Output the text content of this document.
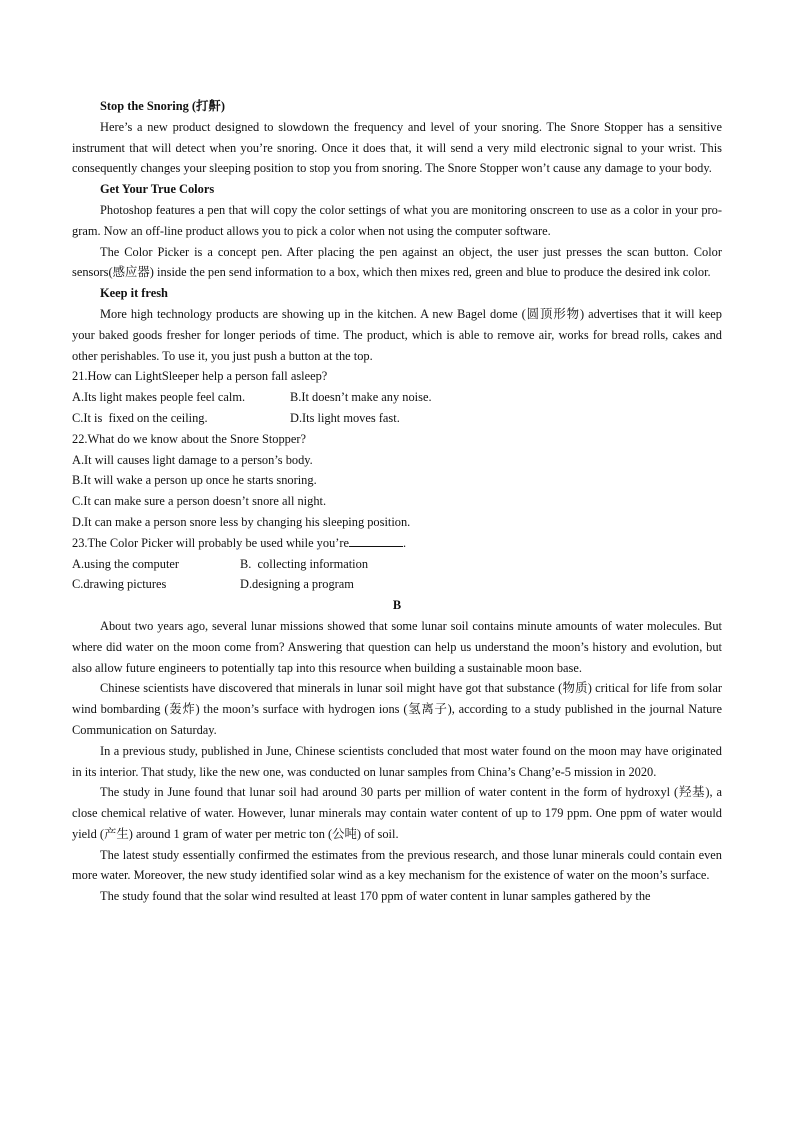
Stop the Snoring (打鼾)

Here’s a new product designed to slowdown the frequency and level of your snoring. The Snore Stopper has a sensitive instrument that will detect when you’re snoring. Once it does that, it will send a very mild electronic signal to your wrist. This consequently changes your sleeping position to stop you from snoring. The Snore Stopper won’t cause any damage to your body.

Get Your True Colors

Photoshop features a pen that will copy the color settings of what you are monitoring onscreen to use as a color in your pro-gram. Now an off-line product allows you to pick a color when not using the computer software.

The Color Picker is a concept pen. After placing the pen against an object, the user just presses the scan button. Color sensors(感应器) inside the pen send information to a box, which then mixes red, green and blue to produce the desired ink color.

Keep it fresh

More high technology products are showing up in the kitchen. A new Bagel dome (圆顶形物) advertises that it will keep your baked goods fresher for longer periods of time. The product, which is able to remove air, works for bread rolls, cakes and other perishables. To use it, you just push a button at the top.

21.How can LightSleeper help a person fall asleep?

A.Its light makes people feel calm.	B.It doesn’t make any noise.

C.It is  fixed on the ceiling.	D.Its light moves fast.

22.What do we know about the Snore Stopper?

A.It will causes light damage to a person’s body.

B.It will wake a person up once he starts snoring.

C.It can make sure a person doesn’t snore all night.

D.It can make a person snore less by changing his sleeping position.

23.The Color Picker will probably be used while you’re	.

A.using the computer	B.  collecting information

C.drawing pictures	D.designing a program

B

About two years ago, several lunar missions showed that some lunar soil contains minute amounts of water molecules. But where did water on the moon come from? Answering that question can help us understand the moon’s history and evolution, but also allow future engineers to potentially tap into this resource when building a sustainable moon base.

Chinese scientists have discovered that minerals in lunar soil might have got that substance (物质) critical for life from solar wind bombarding (轰炸) the moon’s surface with hydrogen ions (氢离子), according to a study published in the journal Nature Communication on Saturday.

In a previous study, published in June, Chinese scientists concluded that most water found on the moon may have originated in its interior. That study, like the new one, was conducted on lunar samples from China’s Chang’e-5 mission in 2020.

The study in June found that lunar soil had around 30 parts per million of water content in the form of hydroxyl (羟基), a close chemical relative of water. However, lunar minerals may contain water content of up to 179 ppm. One ppm of water would yield (产生) around 1 gram of water per metric ton (公吨) of soil.

The latest study essentially confirmed the estimates from the previous research, and those lunar minerals could contain even more water. Moreover, the new study identified solar wind as a key mechanism for the existence of water on the moon’s surface.

The study found that the solar wind resulted at least 170 ppm of water content in lunar samples gathered by the
